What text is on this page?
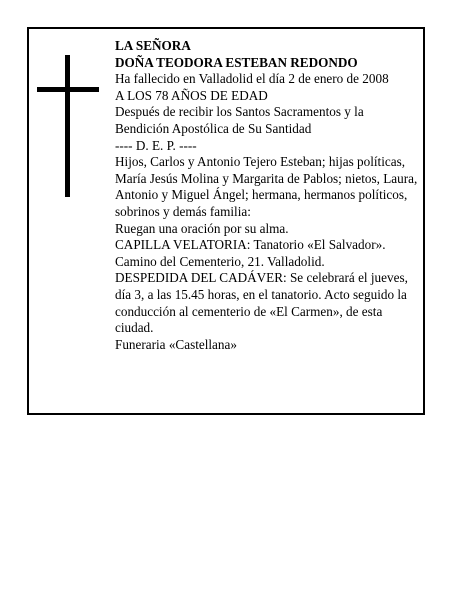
LA SEÑORA

DOÑA TEODORA ESTEBAN REDONDO

Ha fallecido en Valladolid el día 2 de enero de 2008

A LOS 78 AÑOS DE EDAD

Después de recibir los Santos Sacramentos y la Bendición Apostólica de Su Santidad

---- D. E. P. ----

Hijos, Carlos y Antonio Tejero Esteban; hijas políticas, María Jesús Molina y Margarita de Pablos; nietos, Laura, Antonio y Miguel Ángel; hermana, hermanos políticos, sobrinos y demás familia:

Ruegan una oración por su alma.

CAPILLA VELATORIA: Tanatorio «El Salvador». Camino del Cementerio, 21. Valladolid.

DESPEDIDA DEL CADÁVER: Se celebrará el jueves, día 3, a las 15.45 horas, en el tanatorio. Acto seguido la conducción al cementerio de «El Carmen», de esta ciudad.

Funeraria «Castellana»
